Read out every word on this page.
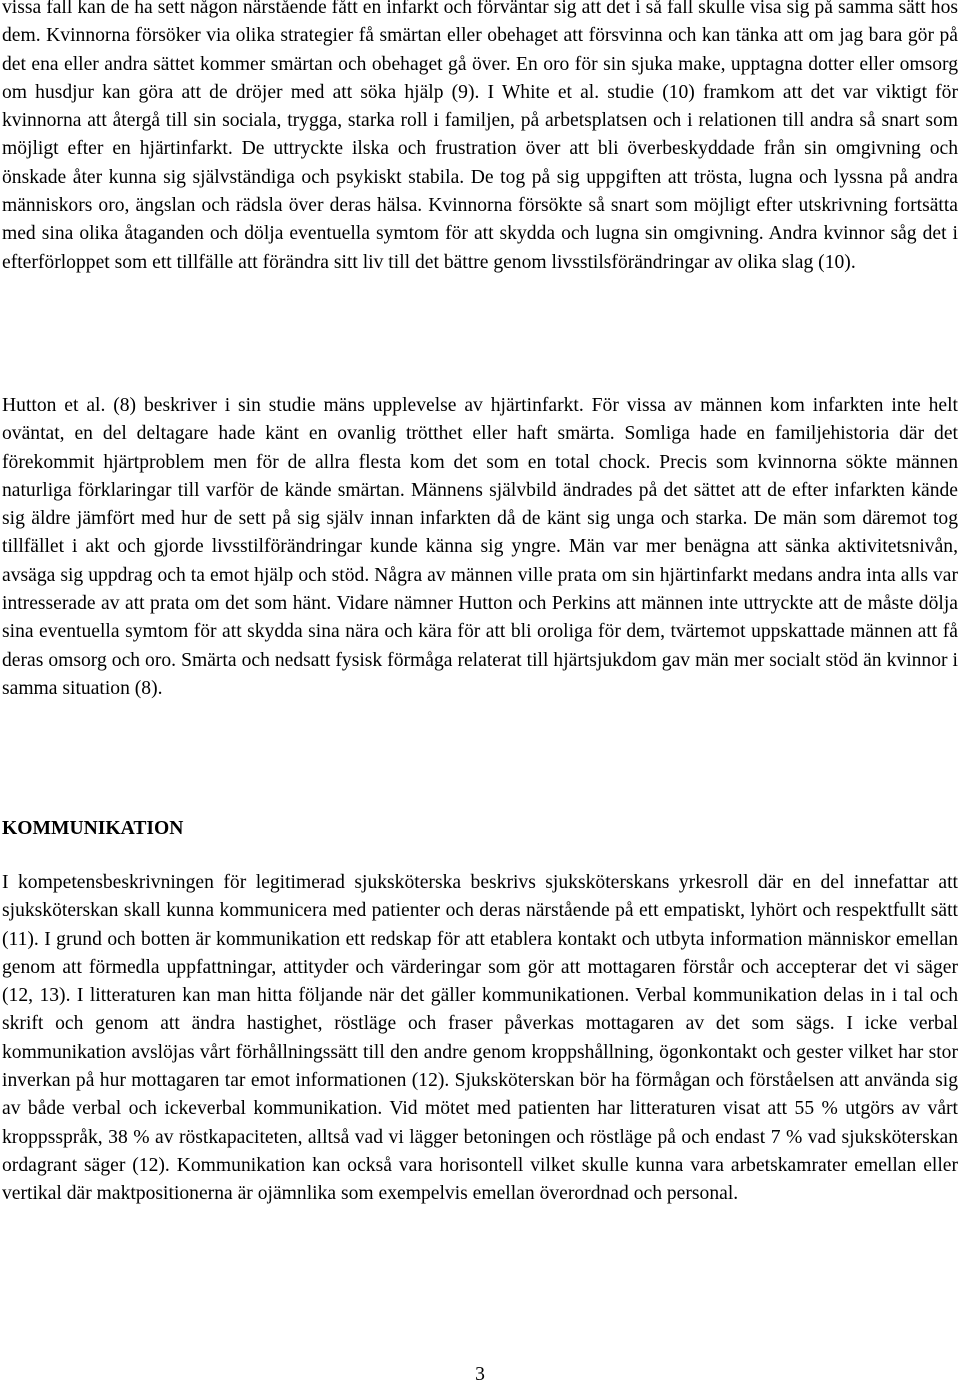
vissa fall kan de ha sett någon närstående fått en infarkt och förväntar sig att det i så fall skulle visa sig på samma sätt hos dem. Kvinnorna försöker via olika strategier få smärtan eller obehaget att försvinna och kan tänka att om jag bara gör på det ena eller andra sättet kommer smärtan och obehaget gå över. En oro för sin sjuka make, upptagna dotter eller omsorg om husdjur kan göra att de dröjer med att söka hjälp (9). I White et al. studie (10) framkom att det var viktigt för kvinnorna att återgå till sin sociala, trygga, starka roll i familjen, på arbetsplatsen och i relationen till andra så snart som möjligt efter en hjärtinfarkt. De uttryckte ilska och frustration över att bli överbeskyddade från sin omgivning och önskade åter kunna sig självständiga och psykiskt stabila. De tog på sig uppgiften att trösta, lugna och lyssna på andra människors oro, ängslan och rädsla över deras hälsa. Kvinnorna försökte så snart som möjligt efter utskrivning fortsätta med sina olika åtaganden och dölja eventuella symtom för att skydda och lugna sin omgivning. Andra kvinnor såg det i efterförloppet som ett tillfälle att förändra sitt liv till det bättre genom livsstilsförändringar av olika slag (10).

Hutton et al. (8) beskriver i sin studie mäns upplevelse av hjärtinfarkt. För vissa av männen kom infarkten inte helt oväntat, en del deltagare hade känt en ovanlig trötthet eller haft smärta. Somliga hade en familjehistoria där det förekommit hjärtproblem men för de allra flesta kom det som en total chock. Precis som kvinnorna sökte männen naturliga förklaringar till varför de kände smärtan. Männens självbild ändrades på det sättet att de efter infarkten kände sig äldre jämfört med hur de sett på sig själv innan infarkten då de känt sig unga och starka. De män som däremot tog tillfället i akt och gjorde livsstilförändringar kunde känna sig yngre. Män var mer benägna att sänka aktivitetsnivån, avsäga sig uppdrag och ta emot hjälp och stöd. Några av männen ville prata om sin hjärtinfarkt medans andra inta alls var intresserade av att prata om det som hänt. Vidare nämner Hutton och Perkins att männen inte uttryckte att de måste dölja sina eventuella symtom för att skydda sina nära och kära för att bli oroliga för dem, tvärtemot uppskattade männen att få deras omsorg och oro. Smärta och nedsatt fysisk förmåga relaterat till hjärtsjukdom gav män mer socialt stöd än kvinnor i samma situation (8).

KOMMUNIKATION

I kompetensbeskrivningen för legitimerad sjuksköterska beskrivs sjuksköterskans yrkesroll där en del innefattar att sjuksköterskan skall kunna kommunicera med patienter och deras närstående på ett empatiskt, lyhört och respektfullt sätt (11). I grund och botten är kommunikation ett redskap för att etablera kontakt och utbyta information människor emellan genom att förmedla uppfattningar, attityder och värderingar som gör att mottagaren förstår och accepterar det vi säger (12, 13). I litteraturen kan man hitta följande när det gäller kommunikationen. Verbal kommunikation delas in i tal och skrift och genom att ändra hastighet, röstläge och fraser påverkas mottagaren av det som sägs. I icke verbal kommunikation avslöjas vårt förhållningssätt till den andre genom kroppshållning, ögonkontakt och gester vilket har stor inverkan på hur mottagaren tar emot informationen (12). Sjuksköterskan bör ha förmågan och förståelsen att använda sig av både verbal och ickeverbal kommunikation. Vid mötet med patienten har litteraturen visat att 55 % utgörs av vårt kroppsspråk, 38 % av röstkapaciteten, alltså vad vi lägger betoningen och röstläge på och endast 7 % vad sjuksköterskan ordagrant säger (12). Kommunikation kan också vara horisontell vilket skulle kunna vara arbetskamrater emellan eller vertikal där maktpositionerna är ojämnlika som exempelvis emellan överordnad och personal.

3
